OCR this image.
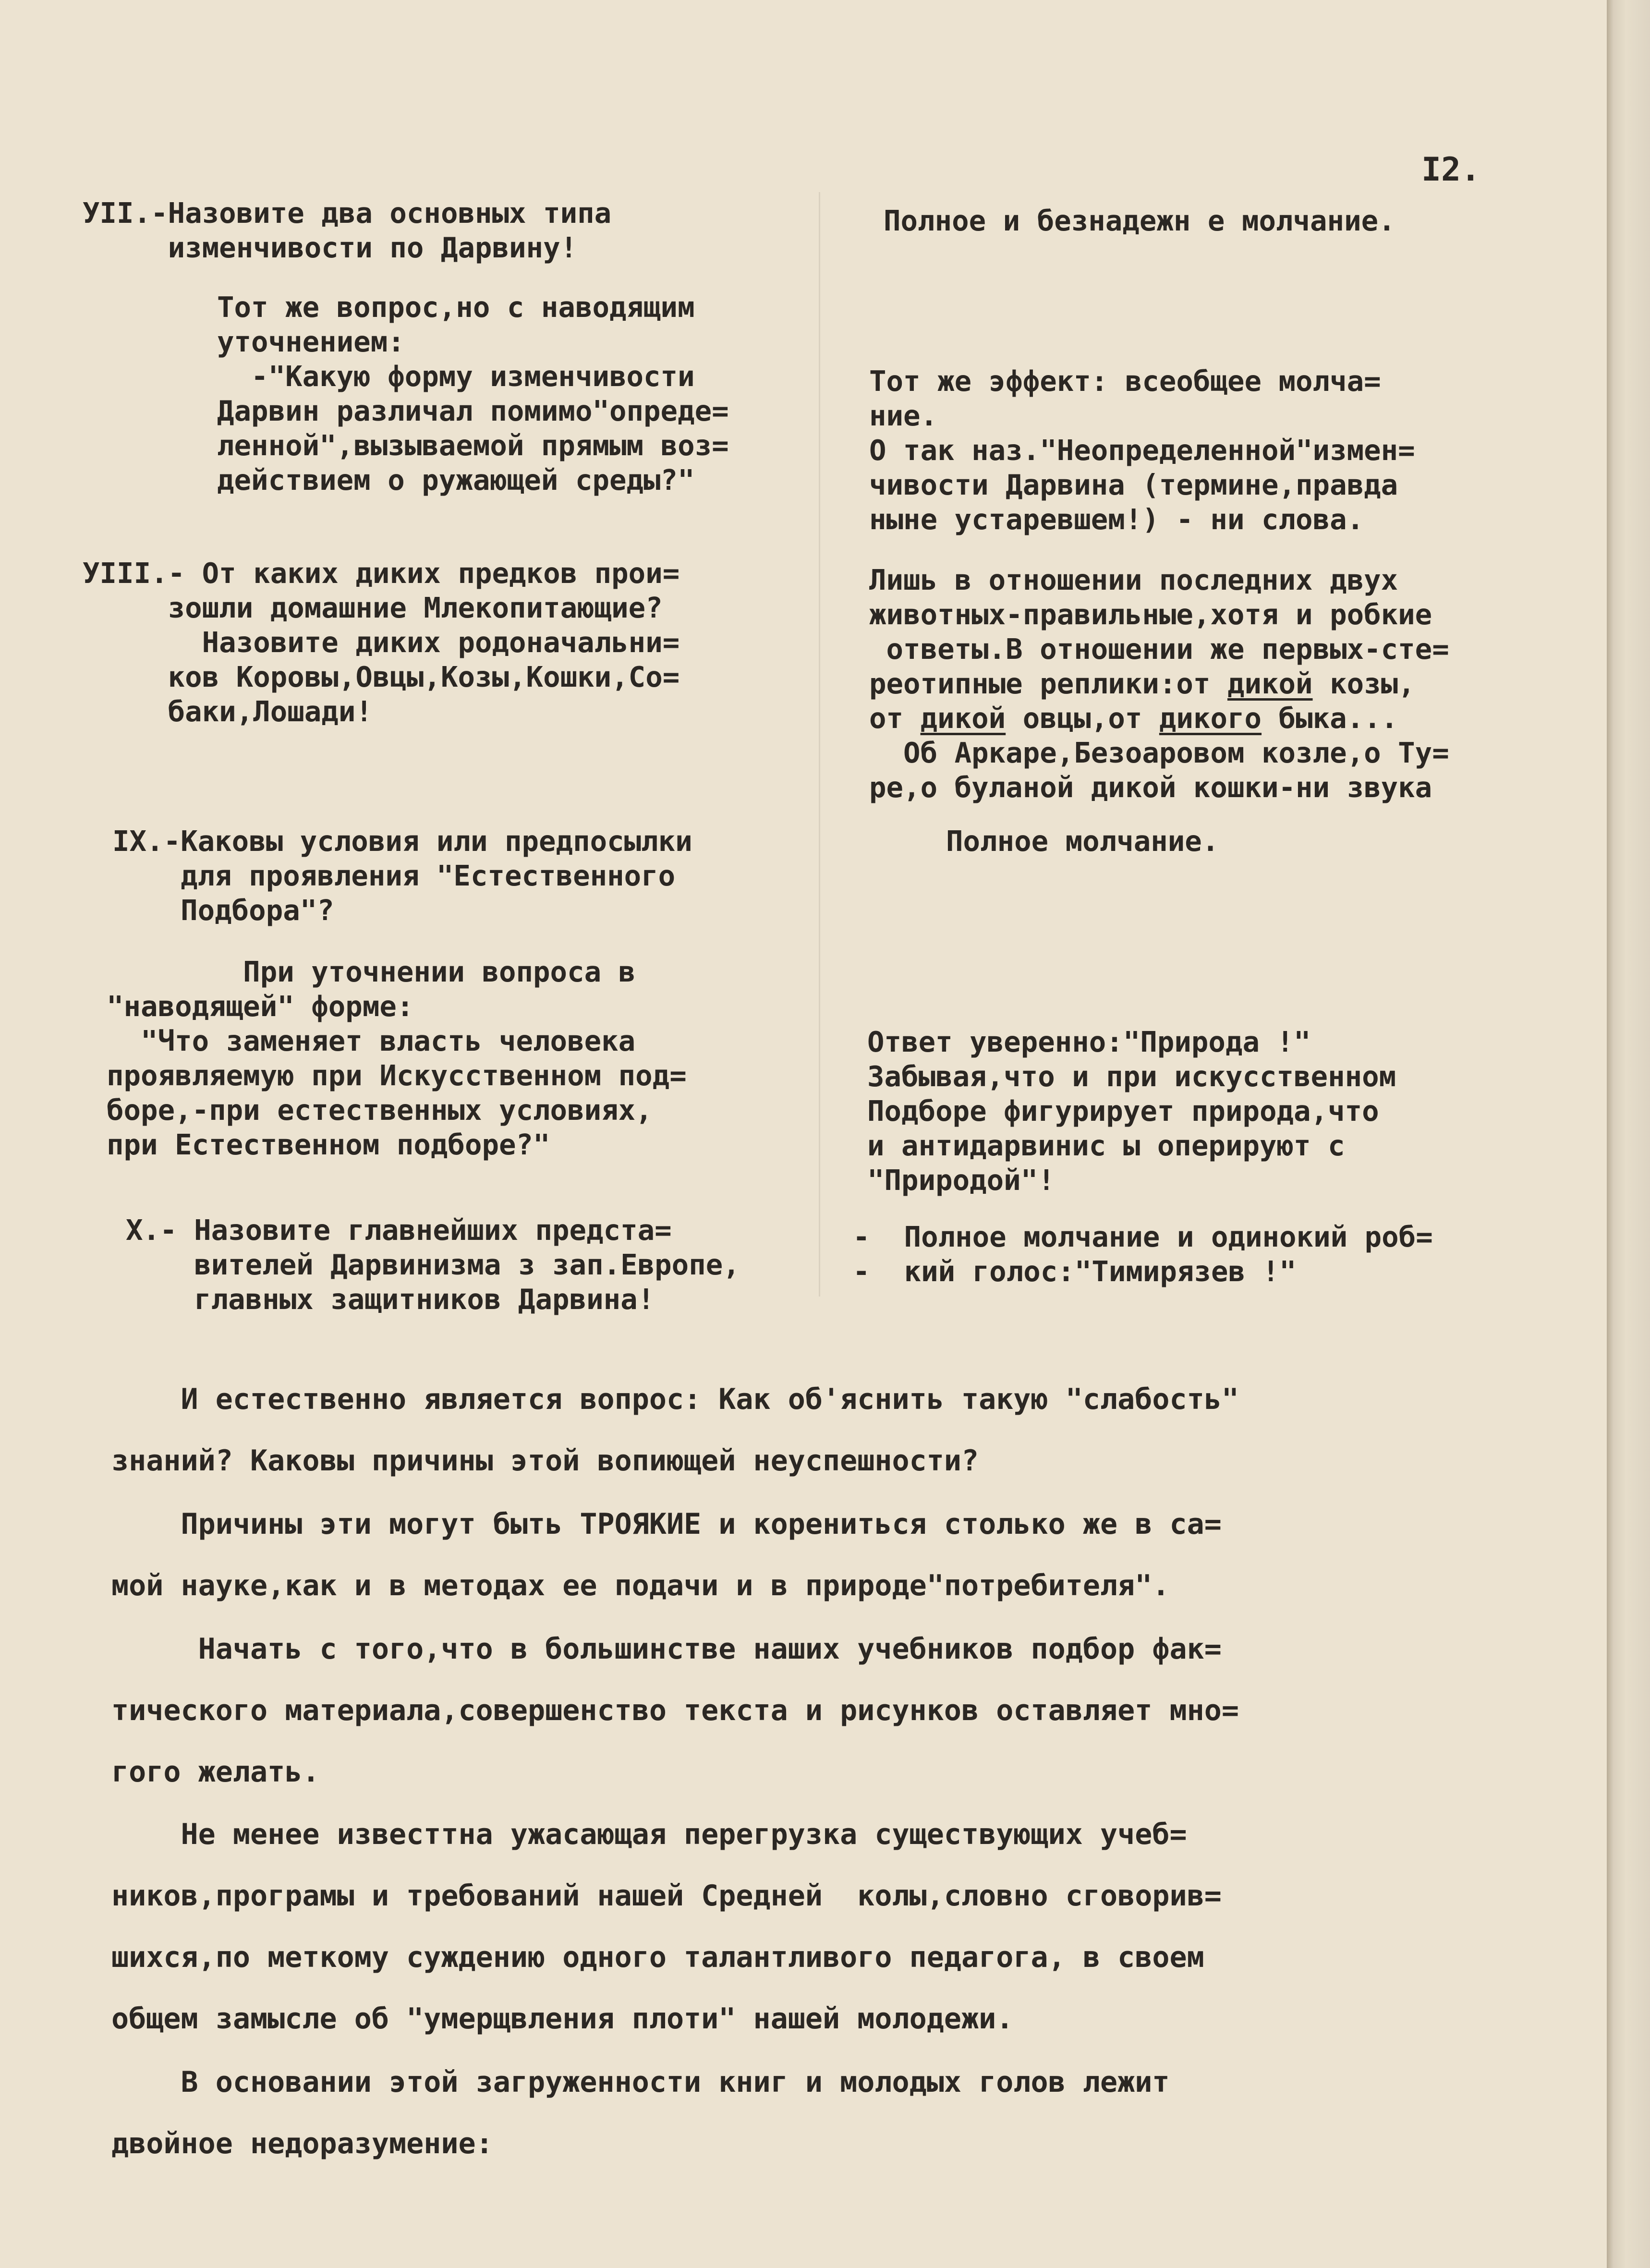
I2.
УII.-Назовите два основных типа
изменчивости по Дарвину!
Полное и безнадежн е молчание.
Тот же вопрос,но с наводящим
уточнением:
-"Какую форму изменчивости
Дарвин различал помимо"опреде=
ленной",вызываемой прямым воз=
действием о ружающей среды?"
Тот же эффект: всеобщее молча=
ние.
О так наз."Неопределенной"измен=
чивости Дарвина (термине,правда
ныне устаревшем!) - ни слова.
УIII.- От каких диких предков прои=
зошли домашние Млекопитающие?
Назовите диких родоначальни=
ков Коровы,Овцы,Козы,Кошки,Со=
баки,Лошади!
Лишь в отношении последних двух
животных-правильные,хотя и робкие
ответы.В отношении же первых-сте=
реотипные реплики:от дикой козы,
от дикой овцы,от дикого быка...
Об Аркаре,Безоаровом козле,о Ту=
ре,о буланой дикой кошки-ни звука
IХ.-Каковы условия или предпосылки
для проявления "Естественного
Подбора"?
Полное молчание.
При уточнении вопроса в
"наводящей" форме:
"Что заменяет власть человека
проявляемую при Искусственном под=
боре,-при естественных условиях,
при Естественном подборе?"
Ответ уверенно:"Природа !"
Забывая,что и при искусственном
Подборе фигурирует природа,что
и антидарвинис ы оперируют с
"Природой"!
Х.- Назовите главнейших предста=
вителей Дарвинизма з зап.Европе,
главных защитников Дарвина!
-  Полное молчание и одинокий роб=
-  кий голос:"Тимирязев !"
И естественно является вопрос: Как об'яснить такую "слабость"
знаний? Каковы причины этой вопиющей неуспешности?
Причины эти могут быть ТРОЯКИЕ и корениться столько же в са=
мой науке,как и в методах ее подачи и в природе"потребителя".
Начать с того,что в большинстве наших учебников подбор фак=
тического материала,совершенство текста и рисунков оставляет мно=
гого желать.
Не менее известтна ужасающая перегрузка существующих учеб=
ников,програмы и требований нашей Средней  колы,словно сговорив=
шихся,по меткому суждению одного талантливого педагога, в своем
общем замысле об "умерщвления плоти" нашей молодежи.
В основании этой загруженности книг и молодых голов лежит
двойное недоразумение:
